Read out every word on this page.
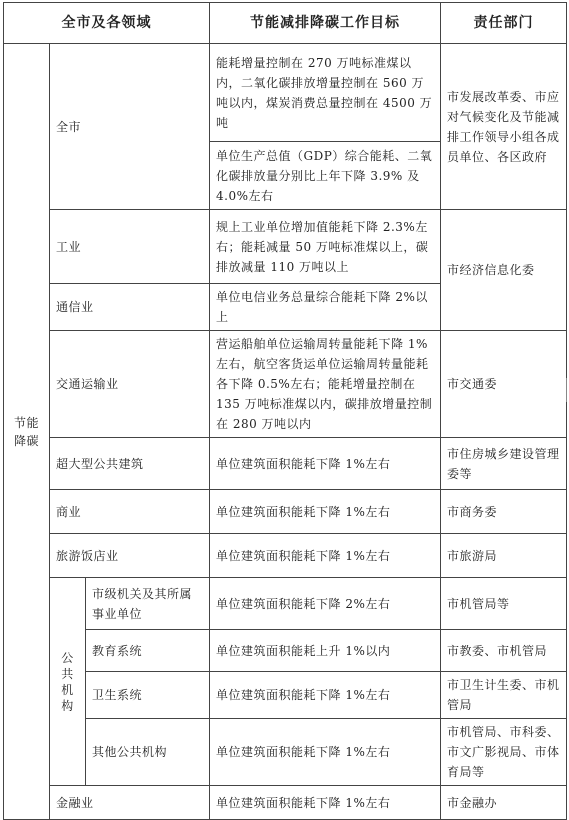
全市及各领域			节能减排降碳工作目标	责任部门
节能降碳	全市		能耗增量控制在 270 万吨标准煤以内，二氧化碳排放增量控制在 560 万吨以内，煤炭消费总量控制在 4500 万吨	市发展改革委、市应对气候变化及节能减排工作领导小组各成员单位、各区政府
			单位生产总值（GDP）综合能耗、二氧化碳排放量分别比上年下降 3.9% 及 4.0%左右	
	工业		规上工业单位增加值能耗下降 2.3%左右；能耗减量 50 万吨标准煤以上，碳排放减量 110 万吨以上	市经济信息化委
	通信业		单位电信业务总量综合能耗下降 2%以上	
	交通运输业		营运船舶单位运输周转量能耗下降 1%左右，航空客货运单位运输周转量能耗各下降 0.5%左右；能耗增量控制在 135 万吨标准煤以内，碳排放增量控制在 280 万吨以内	市交通委
	超大型公共建筑		单位建筑面积能耗下降 1%左右	市住房城乡建设管理委等
	商业		单位建筑面积能耗下降 1%左右	市商务委
	旅游饭店业		单位建筑面积能耗下降 1%左右	市旅游局
	公共机构	市级机关及其所属事业单位	单位建筑面积能耗下降 2%左右	市机管局等
		教育系统	单位建筑面积能耗上升 1%以内	市教委、市机管局
		卫生系统	单位建筑面积能耗下降 1%左右	市卫生计生委、市机管局
		其他公共机构	单位建筑面积能耗下降 1%左右	市机管局、市科委、市文广影视局、市体育局等
	金融业		单位建筑面积能耗下降 1%左右	市金融办
